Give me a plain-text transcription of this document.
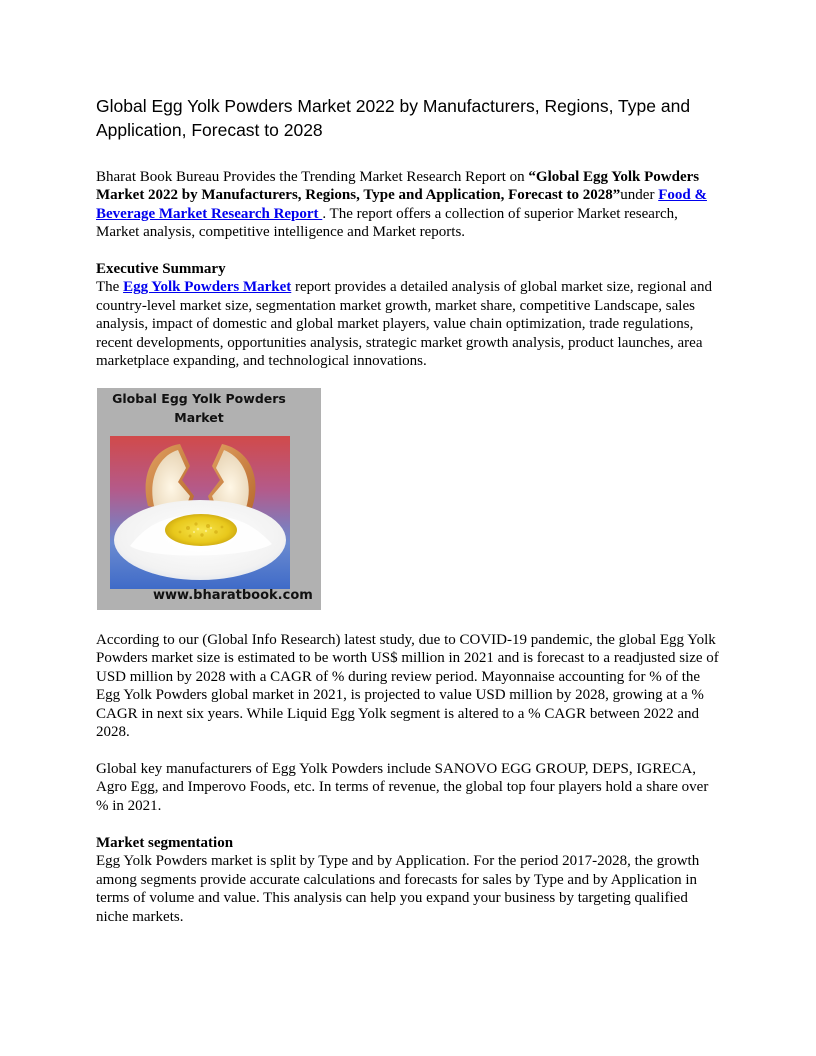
Global Egg Yolk Powders Market 2022 by Manufacturers, Regions, Type and Application, Forecast to 2028
Bharat Book Bureau Provides the Trending Market Research Report on “Global Egg Yolk Powders Market 2022 by Manufacturers, Regions, Type and Application, Forecast to 2028”under Food & Beverage Market Research Report . The report offers a collection of superior Market research, Market analysis, competitive intelligence and Market reports.
Executive Summary
The Egg Yolk Powders Market report provides a detailed analysis of global market size, regional and country-level market size, segmentation market growth, market share, competitive Landscape, sales analysis, impact of domestic and global market players, value chain optimization, trade regulations, recent developments, opportunities analysis, strategic market growth analysis, product launches, area marketplace expanding, and technological innovations.
Global Egg Yolk Powders
Market
www.bharatbook.com
According to our (Global Info Research) latest study, due to COVID-19 pandemic, the global Egg Yolk Powders market size is estimated to be worth US$ million in 2021 and is forecast to a readjusted size of USD million by 2028 with a CAGR of % during review period. Mayonnaise accounting for % of the Egg Yolk Powders global market in 2021, is projected to value USD million by 2028, growing at a % CAGR in next six years. While Liquid Egg Yolk segment is altered to a % CAGR between 2022 and 2028.
Global key manufacturers of Egg Yolk Powders include SANOVO EGG GROUP, DEPS, IGRECA, Agro Egg, and Imperovo Foods, etc. In terms of revenue, the global top four players hold a share over % in 2021.
Market segmentation
Egg Yolk Powders market is split by Type and by Application. For the period 2017-2028, the growth among segments provide accurate calculations and forecasts for sales by Type and by Application in terms of volume and value. This analysis can help you expand your business by targeting qualified niche markets.
